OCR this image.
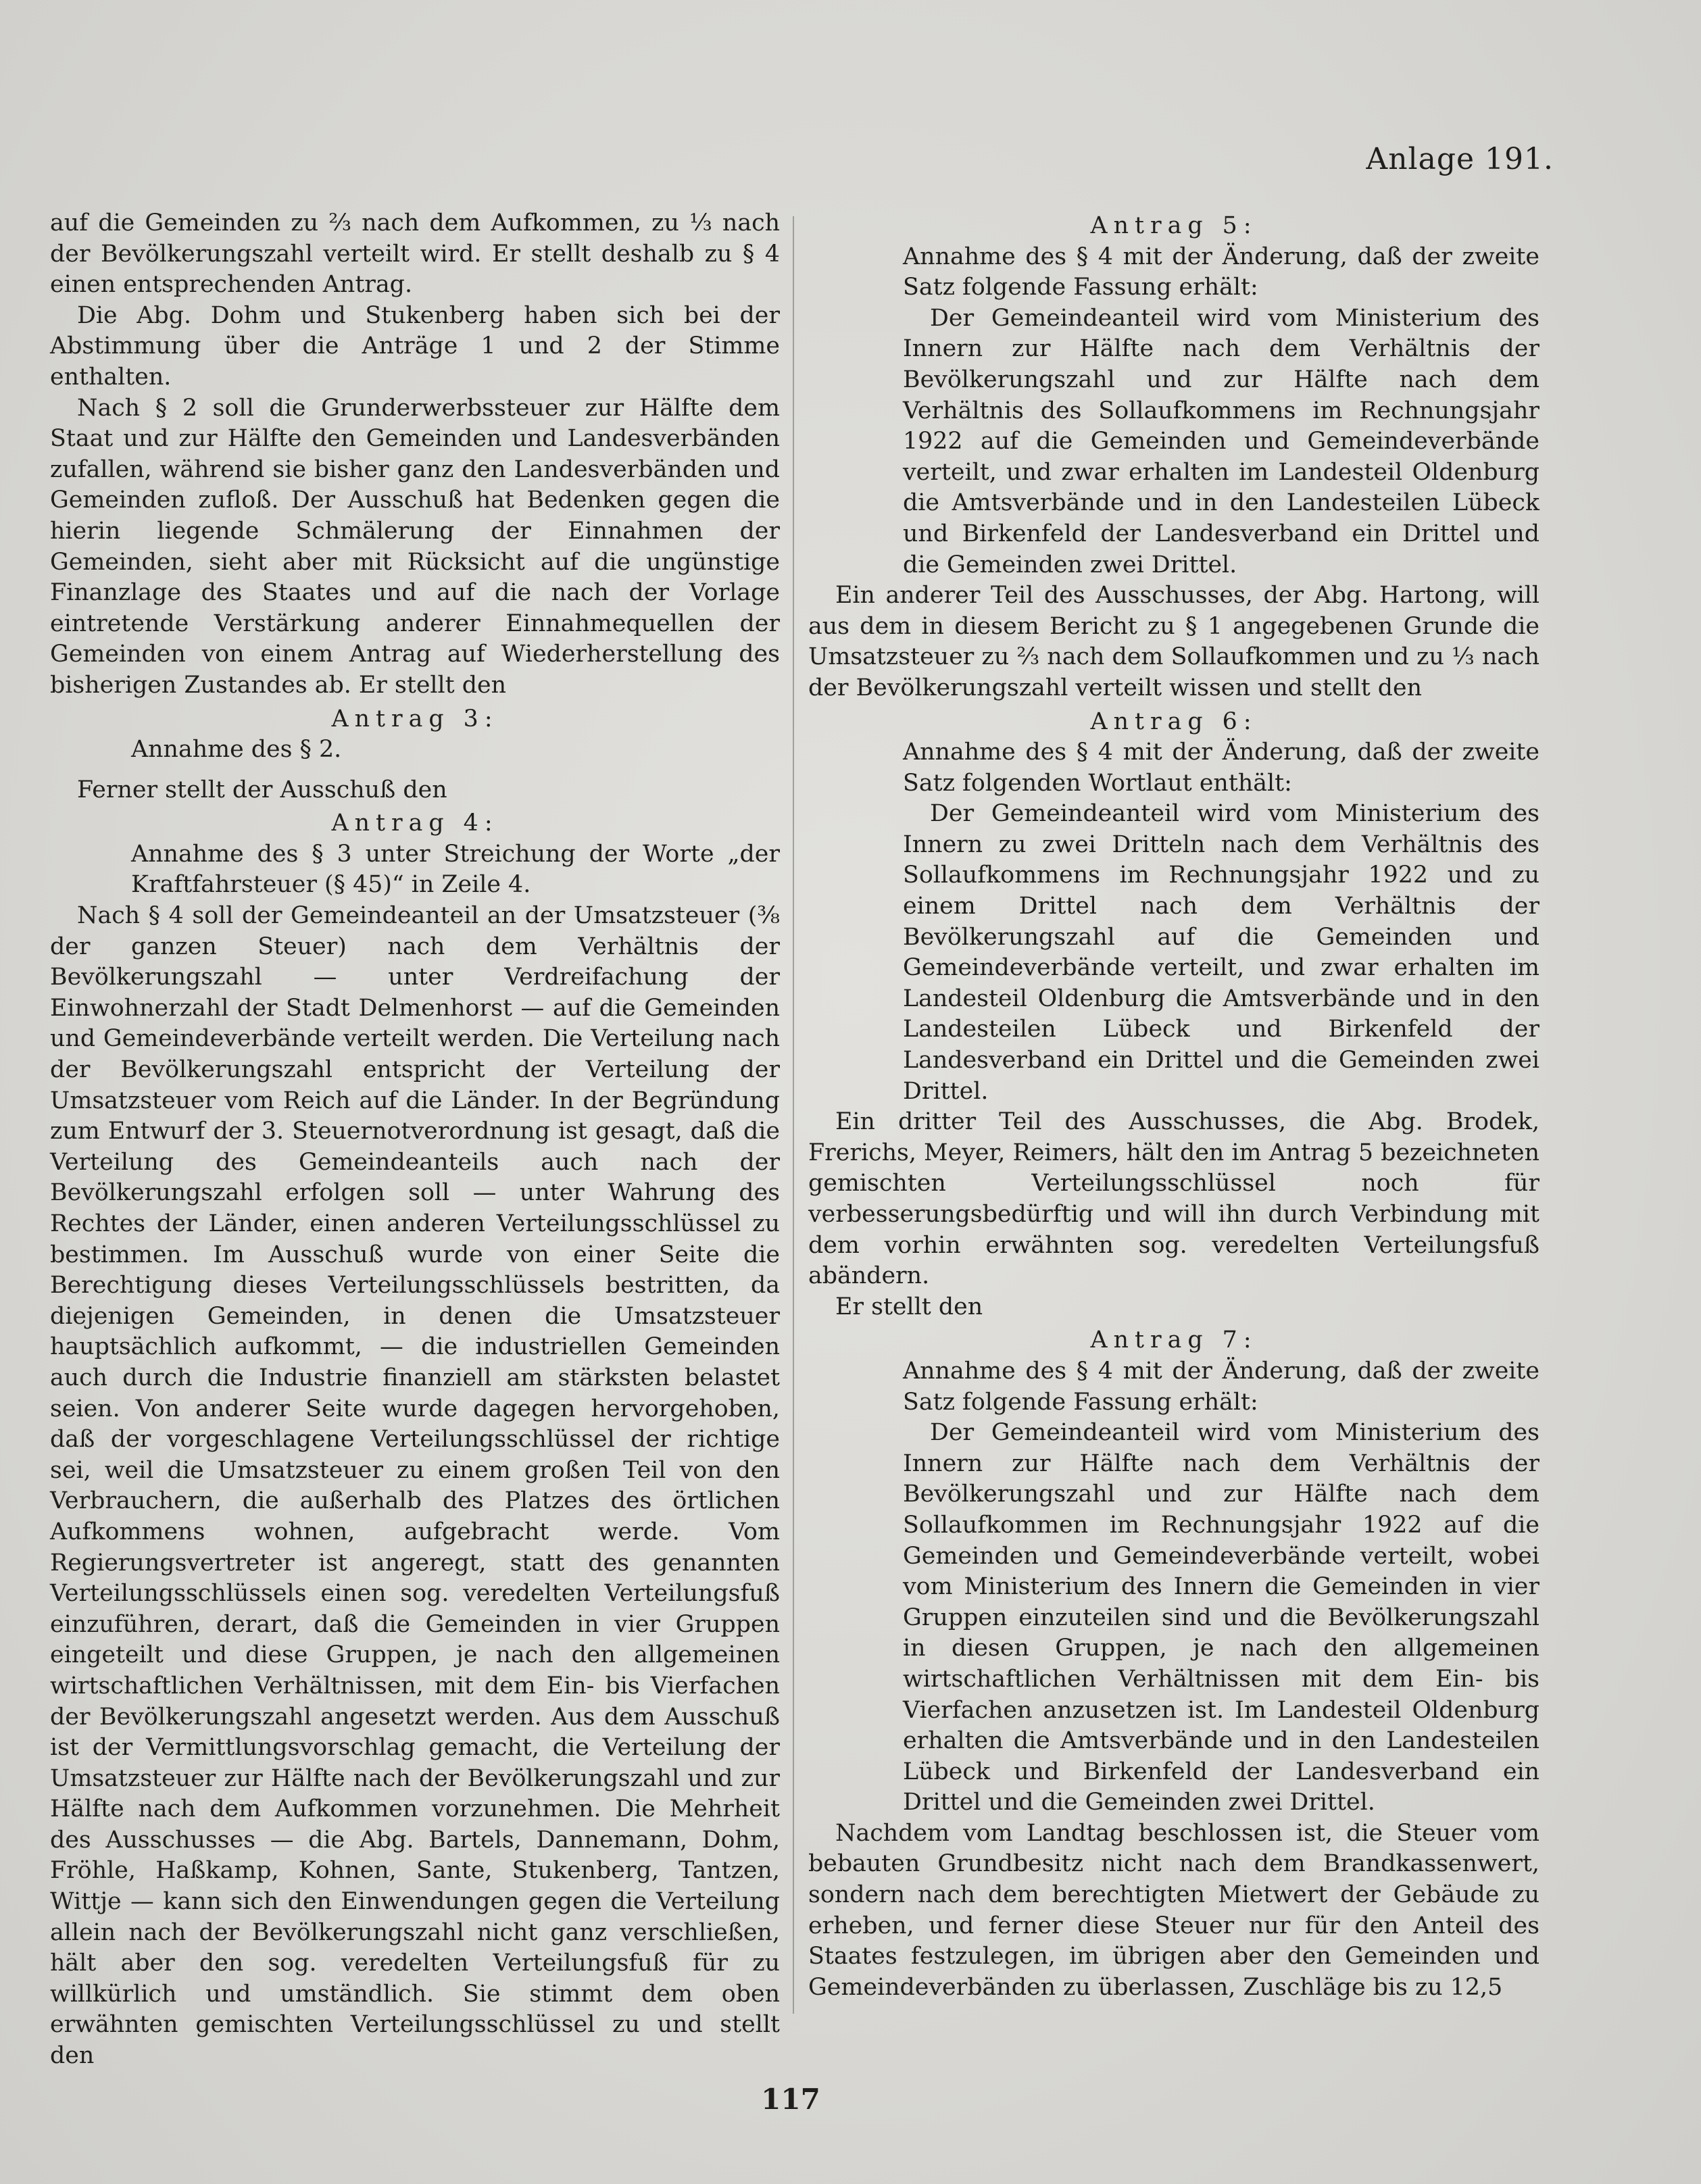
Anlage 191.

auf die Gemeinden zu ⅔ nach dem Aufkommen, zu ⅓ nach der Bevölkerungszahl verteilt wird. Er stellt deshalb zu § 4 einen entsprechenden Antrag.

Die Abg. Dohm und Stukenberg haben sich bei der Abstimmung über die Anträge 1 und 2 der Stimme enthalten.

Nach § 2 soll die Grunderwerbssteuer zur Hälfte dem Staat und zur Hälfte den Gemeinden und Landesverbänden zufallen, während sie bisher ganz den Landesverbänden und Gemeinden zufloß. Der Ausschuß hat Bedenken gegen die hierin liegende Schmälerung der Einnahmen der Gemeinden, sieht aber mit Rücksicht auf die ungünstige Finanzlage des Staates und auf die nach der Vorlage eintretende Verstärkung anderer Einnahmequellen der Gemeinden von einem Antrag auf Wiederherstellung des bisherigen Zustandes ab. Er stellt den

Antrag 3:

Annahme des § 2.

Ferner stellt der Ausschuß den

Antrag 4:

Annahme des § 3 unter Streichung der Worte „der Kraftfahrsteuer (§ 45)“ in Zeile 4.

Nach § 4 soll der Gemeindeanteil an der Umsatzsteuer (⅜ der ganzen Steuer) nach dem Verhältnis der Bevölkerungszahl — unter Verdreifachung der Einwohnerzahl der Stadt Delmenhorst — auf die Gemeinden und Gemeindeverbände verteilt werden. Die Verteilung nach der Bevölkerungszahl entspricht der Verteilung der Umsatzsteuer vom Reich auf die Länder. In der Begründung zum Entwurf der 3. Steuernotverordnung ist gesagt, daß die Verteilung des Gemeindeanteils auch nach der Bevölkerungszahl erfolgen soll — unter Wahrung des Rechtes der Länder, einen anderen Verteilungsschlüssel zu bestimmen. Im Ausschuß wurde von einer Seite die Berechtigung dieses Verteilungsschlüssels bestritten, da diejenigen Gemeinden, in denen die Umsatzsteuer hauptsächlich aufkommt, — die industriellen Gemeinden auch durch die Industrie finanziell am stärksten belastet seien. Von anderer Seite wurde dagegen hervorgehoben, daß der vorgeschlagene Verteilungsschlüssel der richtige sei, weil die Umsatzsteuer zu einem großen Teil von den Verbrauchern, die außerhalb des Platzes des örtlichen Aufkommens wohnen, aufgebracht werde. Vom Regierungsvertreter ist angeregt, statt des genannten Verteilungsschlüssels einen sog. veredelten Verteilungsfuß einzuführen, derart, daß die Gemeinden in vier Gruppen eingeteilt und diese Gruppen, je nach den allgemeinen wirtschaftlichen Verhältnissen, mit dem Ein- bis Vierfachen der Bevölkerungszahl angesetzt werden. Aus dem Ausschuß ist der Vermittlungsvorschlag gemacht, die Verteilung der Umsatzsteuer zur Hälfte nach der Bevölkerungszahl und zur Hälfte nach dem Aufkommen vorzunehmen. Die Mehrheit des Ausschusses — die Abg. Bartels, Dannemann, Dohm, Fröhle, Haßkamp, Kohnen, Sante, Stukenberg, Tantzen, Wittje — kann sich den Einwendungen gegen die Verteilung allein nach der Bevölkerungszahl nicht ganz verschließen, hält aber den sog. veredelten Verteilungsfuß für zu willkürlich und umständlich. Sie stimmt dem oben erwähnten gemischten Verteilungsschlüssel zu und stellt den

Antrag 5:

Annahme des § 4 mit der Änderung, daß der zweite Satz folgende Fassung erhält:

Der Gemeindeanteil wird vom Ministerium des Innern zur Hälfte nach dem Verhältnis der Bevölkerungszahl und zur Hälfte nach dem Verhältnis des Sollaufkommens im Rechnungsjahr 1922 auf die Gemeinden und Gemeindeverbände verteilt, und zwar erhalten im Landesteil Oldenburg die Amtsverbände und in den Landesteilen Lübeck und Birkenfeld der Landesverband ein Drittel und die Gemeinden zwei Drittel.

Ein anderer Teil des Ausschusses, der Abg. Hartong, will aus dem in diesem Bericht zu § 1 angegebenen Grunde die Umsatzsteuer zu ⅔ nach dem Sollaufkommen und zu ⅓ nach der Bevölkerungszahl verteilt wissen und stellt den

Antrag 6:

Annahme des § 4 mit der Änderung, daß der zweite Satz folgenden Wortlaut enthält:

Der Gemeindeanteil wird vom Ministerium des Innern zu zwei Dritteln nach dem Verhältnis des Sollaufkommens im Rechnungsjahr 1922 und zu einem Drittel nach dem Verhältnis der Bevölkerungszahl auf die Gemeinden und Gemeindeverbände verteilt, und zwar erhalten im Landesteil Oldenburg die Amtsverbände und in den Landesteilen Lübeck und Birkenfeld der Landesverband ein Drittel und die Gemeinden zwei Drittel.

Ein dritter Teil des Ausschusses, die Abg. Brodek, Frerichs, Meyer, Reimers, hält den im Antrag 5 bezeichneten gemischten Verteilungsschlüssel noch für verbesserungsbedürftig und will ihn durch Verbindung mit dem vorhin erwähnten sog. veredelten Verteilungsfuß abändern.

Er stellt den

Antrag 7:

Annahme des § 4 mit der Änderung, daß der zweite Satz folgende Fassung erhält:

Der Gemeindeanteil wird vom Ministerium des Innern zur Hälfte nach dem Verhältnis der Bevölkerungszahl und zur Hälfte nach dem Sollaufkommen im Rechnungsjahr 1922 auf die Gemeinden und Gemeindeverbände verteilt, wobei vom Ministerium des Innern die Gemeinden in vier Gruppen einzuteilen sind und die Bevölkerungszahl in diesen Gruppen, je nach den allgemeinen wirtschaftlichen Verhältnissen mit dem Ein- bis Vierfachen anzusetzen ist. Im Landesteil Oldenburg erhalten die Amtsverbände und in den Landesteilen Lübeck und Birkenfeld der Landesverband ein Drittel und die Gemeinden zwei Drittel.

Nachdem vom Landtag beschlossen ist, die Steuer vom bebauten Grundbesitz nicht nach dem Brandkassenwert, sondern nach dem berechtigten Mietwert der Gebäude zu erheben, und ferner diese Steuer nur für den Anteil des Staates festzulegen, im übrigen aber den Gemeinden und Gemeindeverbänden zu überlassen, Zuschläge bis zu 12,5

117
